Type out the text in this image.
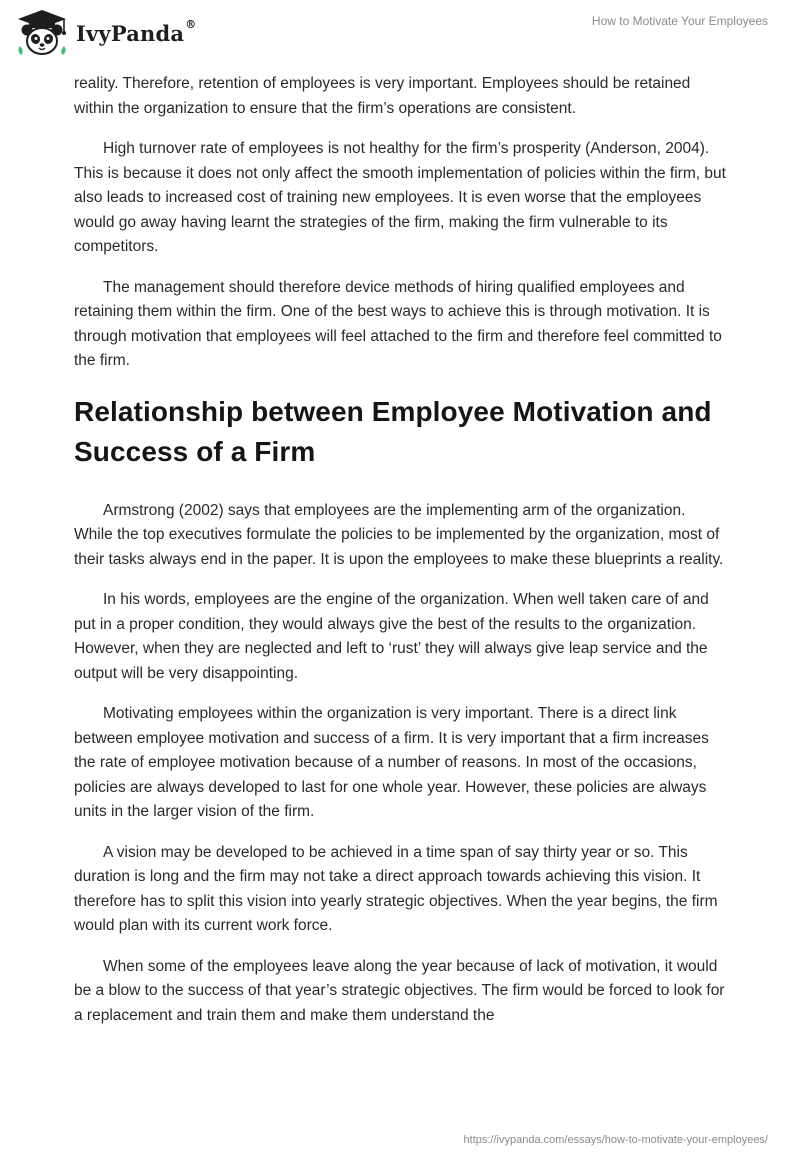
IvyPanda®	How to Motivate Your Employees

reality. Therefore, retention of employees is very important. Employees should be retained within the organization to ensure that the firm’s operations are consistent.

High turnover rate of employees is not healthy for the firm’s prosperity (Anderson, 2004). This is because it does not only affect the smooth implementation of policies within the firm, but also leads to increased cost of training new employees. It is even worse that the employees would go away having learnt the strategies of the firm, making the firm vulnerable to its competitors.

The management should therefore device methods of hiring qualified employees and retaining them within the firm. One of the best ways to achieve this is through motivation. It is through motivation that employees will feel attached to the firm and therefore feel committed to the firm.

Relationship between Employee Motivation and Success of a Firm

Armstrong (2002) says that employees are the implementing arm of the organization. While the top executives formulate the policies to be implemented by the organization, most of their tasks always end in the paper. It is upon the employees to make these blueprints a reality.

In his words, employees are the engine of the organization. When well taken care of and put in a proper condition, they would always give the best of the results to the organization. However, when they are neglected and left to ‘rust’ they will always give leap service and the output will be very disappointing.

Motivating employees within the organization is very important. There is a direct link between employee motivation and success of a firm. It is very important that a firm increases the rate of employee motivation because of a number of reasons. In most of the occasions, policies are always developed to last for one whole year. However, these policies are always units in the larger vision of the firm.

A vision may be developed to be achieved in a time span of say thirty year or so. This duration is long and the firm may not take a direct approach towards achieving this vision. It therefore has to split this vision into yearly strategic objectives. When the year begins, the firm would plan with its current work force.

When some of the employees leave along the year because of lack of motivation, it would be a blow to the success of that year’s strategic objectives. The firm would be forced to look for a replacement and train them and make them understand the

https://ivypanda.com/essays/how-to-motivate-your-employees/
